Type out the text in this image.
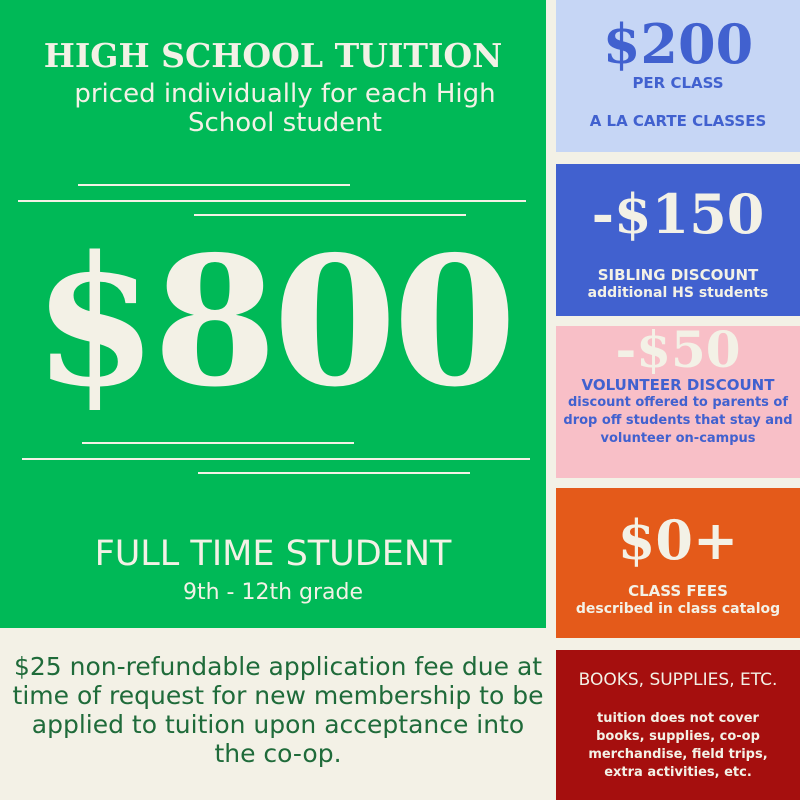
HIGH SCHOOL TUITION
priced individually for each High School student
$800
FULL TIME STUDENT
9th - 12th grade
$25 non-refundable application fee due at time of request for new membership to be applied to tuition upon acceptance into the co-op.
$200
PER CLASS
A LA CARTE CLASSES
-$150
SIBLING DISCOUNT
additional HS students
-$50
VOLUNTEER DISCOUNT
discount offered to parents of drop off students that stay and volunteer on-campus
$0+
CLASS FEES
described in class catalog
BOOKS, SUPPLIES, ETC.
tuition does not cover books, supplies, co-op merchandise, field trips, extra activities, etc.
